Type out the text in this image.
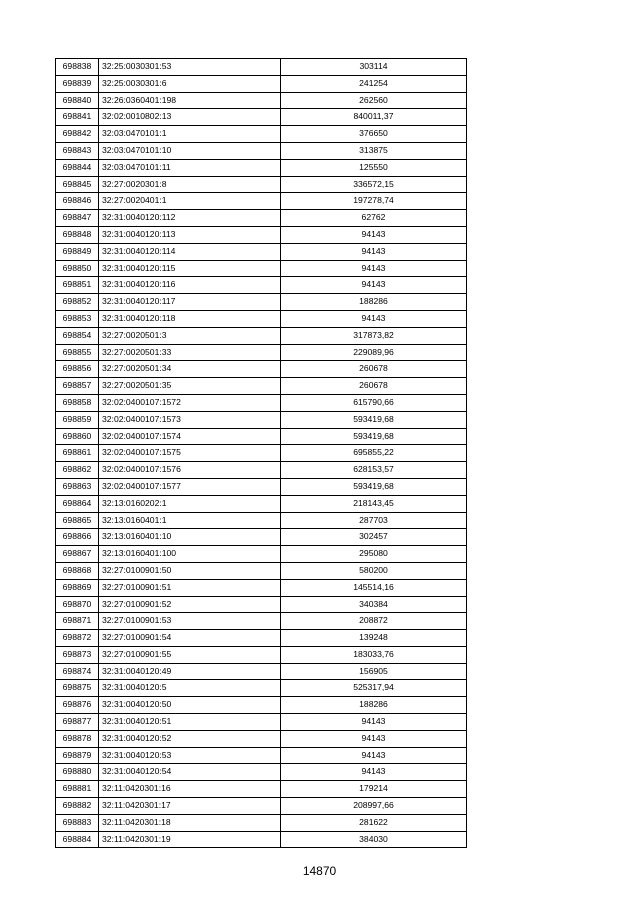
698838	32:25:0030301:53	303114
698839	32:25:0030301:6	241254
698840	32:26:0360401:198	262560
698841	32:02:0010802:13	840011,37
698842	32:03:0470101:1	376650
698843	32:03:0470101:10	313875
698844	32:03:0470101:11	125550
698845	32:27:0020301:8	336572,15
698846	32:27:0020401:1	197278,74
698847	32:31:0040120:112	62762
698848	32:31:0040120:113	94143
698849	32:31:0040120:114	94143
698850	32:31:0040120:115	94143
698851	32:31:0040120:116	94143
698852	32:31:0040120:117	188286
698853	32:31:0040120:118	94143
698854	32:27:0020501:3	317873,82
698855	32:27:0020501:33	229089,96
698856	32:27:0020501:34	260678
698857	32:27:0020501:35	260678
698858	32:02:0400107:1572	615790,66
698859	32:02:0400107:1573	593419,68
698860	32:02:0400107:1574	593419,68
698861	32:02:0400107:1575	695855,22
698862	32:02:0400107:1576	628153,57
698863	32:02:0400107:1577	593419,68
698864	32:13:0160202:1	218143,45
698865	32:13:0160401:1	287703
698866	32:13:0160401:10	302457
698867	32:13:0160401:100	295080
698868	32:27:0100901:50	580200
698869	32:27:0100901:51	145514,16
698870	32:27:0100901:52	340384
698871	32:27:0100901:53	208872
698872	32:27:0100901:54	139248
698873	32:27:0100901:55	183033,76
698874	32:31:0040120:49	156905
698875	32:31:0040120:5	525317,94
698876	32:31:0040120:50	188286
698877	32:31:0040120:51	94143
698878	32:31:0040120:52	94143
698879	32:31:0040120:53	94143
698880	32:31:0040120:54	94143
698881	32:11:0420301:16	179214
698882	32:11:0420301:17	208997,66
698883	32:11:0420301:18	281622
698884	32:11:0420301:19	384030
14870
